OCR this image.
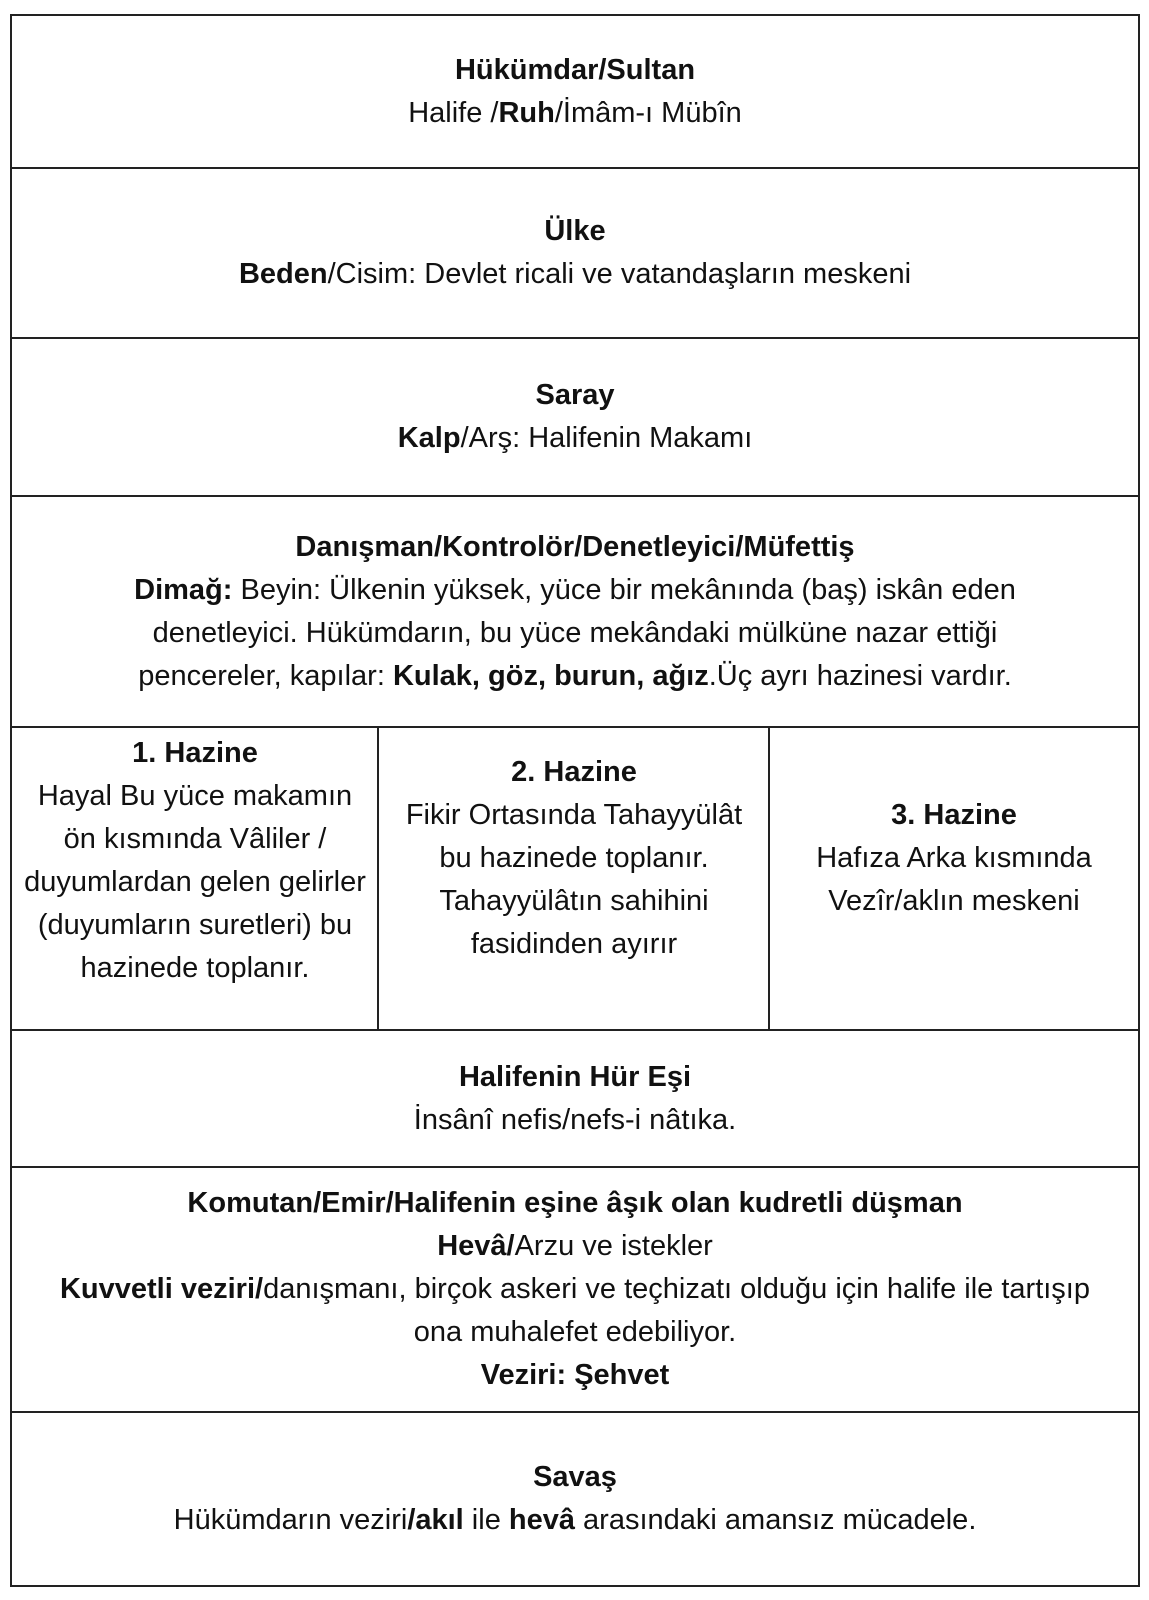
Hükümdar/Sultan

Halife /Ruh/İmâm-ı Mübîn

Ülke

Beden/Cisim: Devlet ricali ve vatandaşların meskeni

Saray

Kalp/Arş: Halifenin Makamı

Danışman/Kontrolör/Denetleyici/Müfettiş

Dimağ: Beyin: Ülkenin yüksek, yüce bir mekânında (baş) iskân eden denetleyici. Hükümdarın, bu yüce mekândaki mülküne nazar ettiği pencereler, kapılar: Kulak, göz, burun, ağız.Üç ayrı hazinesi vardır.

1. Hazine

Hayal Bu yüce makamın ön kısmında Vâliler / duyumlardan gelen gelirler (duyumların suretleri) bu hazinede toplanır.

2. Hazine

Fikir Ortasında Tahayyülât bu hazinede toplanır. Tahayyülâtın sahihini fasidinden ayırır

3. Hazine

Hafıza Arka kısmında Vezîr/aklın meskeni

Halifenin Hür Eşi

İnsânî nefis/nefs-i nâtıka.

Komutan/Emir/Halifenin eşine âşık olan kudretli düşman

Hevâ/Arzu ve istekler

Kuvvetli veziri/danışmanı, birçok askeri ve teçhizatı olduğu için halife ile tartışıp ona muhalefet edebiliyor.

Veziri: Şehvet

Savaş

Hükümdarın veziri/akıl ile hevâ arasındaki amansız mücadele.
